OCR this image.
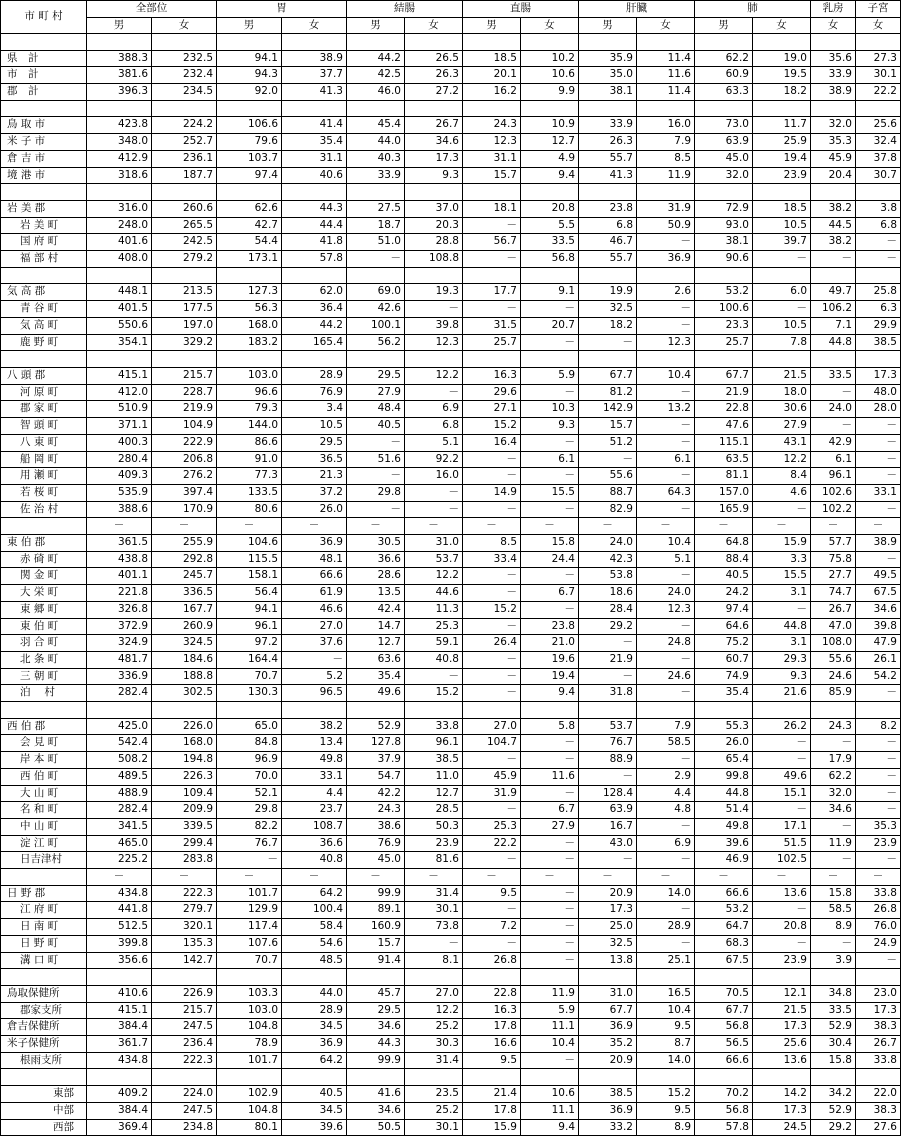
市 町 村	全部位		胃		結腸		直腸		肝臓		肺		乳房	子宮
	男	女	男	女	男	女	男	女	男	女	男	女	女	女

県　計	388.3	232.5	94.1	38.9	44.2	26.5	18.5	10.2	35.9	11.4	62.2	19.0	35.6	27.3
市　計	381.6	232.4	94.3	37.7	42.5	26.3	20.1	10.6	35.0	11.6	60.9	19.5	33.9	30.1
郡　計	396.3	234.5	92.0	41.3	46.0	27.2	16.2	9.9	38.1	11.4	63.3	18.2	38.9	22.2

鳥 取 市	423.8	224.2	106.6	41.4	45.4	26.7	24.3	10.9	33.9	16.0	73.0	11.7	32.0	25.6
米 子 市	348.0	252.7	79.6	35.4	44.0	34.6	12.3	12.7	26.3	7.9	63.9	25.9	35.3	32.4
倉 吉 市	412.9	236.1	103.7	31.1	40.3	17.3	31.1	4.9	55.7	8.5	45.0	19.4	45.9	37.8
境 港 市	318.6	187.7	97.4	40.6	33.9	9.3	15.7	9.4	41.3	11.9	32.0	23.9	20.4	30.7

岩 美 郡	316.0	260.6	62.6	44.3	27.5	37.0	18.1	20.8	23.8	31.9	72.9	18.5	38.2	3.8
岩 美 町	248.0	265.5	42.7	44.4	18.7	20.3	－	5.5	6.8	50.9	93.0	10.5	44.5	6.8
国 府 町	401.6	242.5	54.4	41.8	51.0	28.8	56.7	33.5	46.7	－	38.1	39.7	38.2	－
福 部 村	408.0	279.2	173.1	57.8	－	108.8	－	56.8	55.7	36.9	90.6	－	－	－

気 高 郡	448.1	213.5	127.3	62.0	69.0	19.3	17.7	9.1	19.9	2.6	53.2	6.0	49.7	25.8
青 谷 町	401.5	177.5	56.3	36.4	42.6	－	－	－	32.5	－	100.6	－	106.2	6.3
気 高 町	550.6	197.0	168.0	44.2	100.1	39.8	31.5	20.7	18.2	－	23.3	10.5	7.1	29.9
鹿 野 町	354.1	329.2	183.2	165.4	56.2	12.3	25.7	－	－	12.3	25.7	7.8	44.8	38.5

八 頭 郡	415.1	215.7	103.0	28.9	29.5	12.2	16.3	5.9	67.7	10.4	67.7	21.5	33.5	17.3
河 原 町	412.0	228.7	96.6	76.9	27.9	－	29.6	－	81.2	－	21.9	18.0	－	48.0
郡 家 町	510.9	219.9	79.3	3.4	48.4	6.9	27.1	10.3	142.9	13.2	22.8	30.6	24.0	28.0
智 頭 町	371.1	104.9	144.0	10.5	40.5	6.8	15.2	9.3	15.7	－	47.6	27.9	－	－
八 東 町	400.3	222.9	86.6	29.5	－	5.1	16.4	－	51.2	－	115.1	43.1	42.9	－
船 岡 町	280.4	206.8	91.0	36.5	51.6	92.2	－	6.1	－	6.1	63.5	12.2	6.1	－
用 瀬 町	409.3	276.2	77.3	21.3	－	16.0	－	－	55.6	－	81.1	8.4	96.1	－
若 桜 町	535.9	397.4	133.5	37.2	29.8	－	14.9	15.5	88.7	64.3	157.0	4.6	102.6	33.1
佐 治 村	388.6	170.9	80.6	26.0	－	－	－	－	82.9	－	165.9	－	102.2	－
	－	－	－	－	－	－	－	－	－	－	－	－	－	－
東 伯 郡	361.5	255.9	104.6	36.9	30.5	31.0	8.5	15.8	24.0	10.4	64.8	15.9	57.7	38.9
赤 碕 町	438.8	292.8	115.5	48.1	36.6	53.7	33.4	24.4	42.3	5.1	88.4	3.3	75.8	－
関 金 町	401.1	245.7	158.1	66.6	28.6	12.2	－	－	53.8	－	40.5	15.5	27.7	49.5
大 栄 町	221.8	336.5	56.4	61.9	13.5	44.6	－	6.7	18.6	24.0	24.2	3.1	74.7	67.5
東 郷 町	326.8	167.7	94.1	46.6	42.4	11.3	15.2	－	28.4	12.3	97.4	－	26.7	34.6
東 伯 町	372.9	260.9	96.1	27.0	14.7	25.3	－	23.8	29.2	－	64.6	44.8	47.0	39.8
羽 合 町	324.9	324.5	97.2	37.6	12.7	59.1	26.4	21.0	－	24.8	75.2	3.1	108.0	47.9
北 条 町	481.7	184.6	164.4	－	63.6	40.8	－	19.6	21.9	－	60.7	29.3	55.6	26.1
三 朝 町	336.9	188.8	70.7	5.2	35.4	－	－	19.4	－	24.6	74.9	9.3	24.6	54.2
泊　 村	282.4	302.5	130.3	96.5	49.6	15.2	－	9.4	31.8	－	35.4	21.6	85.9	－

西 伯 郡	425.0	226.0	65.0	38.2	52.9	33.8	27.0	5.8	53.7	7.9	55.3	26.2	24.3	8.2
会 見 町	542.4	168.0	84.8	13.4	127.8	96.1	104.7	－	76.7	58.5	26.0	－	－	－
岸 本 町	508.2	194.8	96.9	49.8	37.9	38.5	－	－	88.9	－	65.4	－	17.9	－
西 伯 町	489.5	226.3	70.0	33.1	54.7	11.0	45.9	11.6	－	2.9	99.8	49.6	62.2	－
大 山 町	488.9	109.4	52.1	4.4	42.2	12.7	31.9	－	128.4	4.4	44.8	15.1	32.0	－
名 和 町	282.4	209.9	29.8	23.7	24.3	28.5	－	6.7	63.9	4.8	51.4	－	34.6	－
中 山 町	341.5	339.5	82.2	108.7	38.6	50.3	25.3	27.9	16.7	－	49.8	17.1	－	35.3
淀 江 町	465.0	299.4	76.7	36.6	76.9	23.9	22.2	－	43.0	6.9	39.6	51.5	11.9	23.9
日吉津村	225.2	283.8	－	40.8	45.0	81.6	－	－	－	－	46.9	102.5	－	－
	－	－	－	－	－	－	－	－	－	－	－	－	－	－
日 野 郡	434.8	222.3	101.7	64.2	99.9	31.4	9.5	－	20.9	14.0	66.6	13.6	15.8	33.8
江 府 町	441.8	279.7	129.9	100.4	89.1	30.1	－	－	17.3	－	53.2	－	58.5	26.8
日 南 町	512.5	320.1	117.4	58.4	160.9	73.8	7.2	－	25.0	28.9	64.7	20.8	8.9	76.0
日 野 町	399.8	135.3	107.6	54.6	15.7	－	－	－	32.5	－	68.3	－	－	24.9
溝 口 町	356.6	142.7	70.7	48.5	91.4	8.1	26.8	－	13.8	25.1	67.5	23.9	3.9	－

鳥取保健所	410.6	226.9	103.3	44.0	45.7	27.0	22.8	11.9	31.0	16.5	70.5	12.1	34.8	23.0
郡家支所	415.1	215.7	103.0	28.9	29.5	12.2	16.3	5.9	67.7	10.4	67.7	21.5	33.5	17.3
倉吉保健所	384.4	247.5	104.8	34.5	34.6	25.2	17.8	11.1	36.9	9.5	56.8	17.3	52.9	38.3
米子保健所	361.7	236.4	78.9	36.9	44.3	30.3	16.6	10.4	35.2	8.7	56.5	25.6	30.4	26.7
根雨支所	434.8	222.3	101.7	64.2	99.9	31.4	9.5	－	20.9	14.0	66.6	13.6	15.8	33.8

東部	409.2	224.0	102.9	40.5	41.6	23.5	21.4	10.6	38.5	15.2	70.2	14.2	34.2	22.0
中部	384.4	247.5	104.8	34.5	34.6	25.2	17.8	11.1	36.9	9.5	56.8	17.3	52.9	38.3
西部	369.4	234.8	80.1	39.6	50.5	30.1	15.9	9.4	33.2	8.9	57.8	24.5	29.2	27.6
